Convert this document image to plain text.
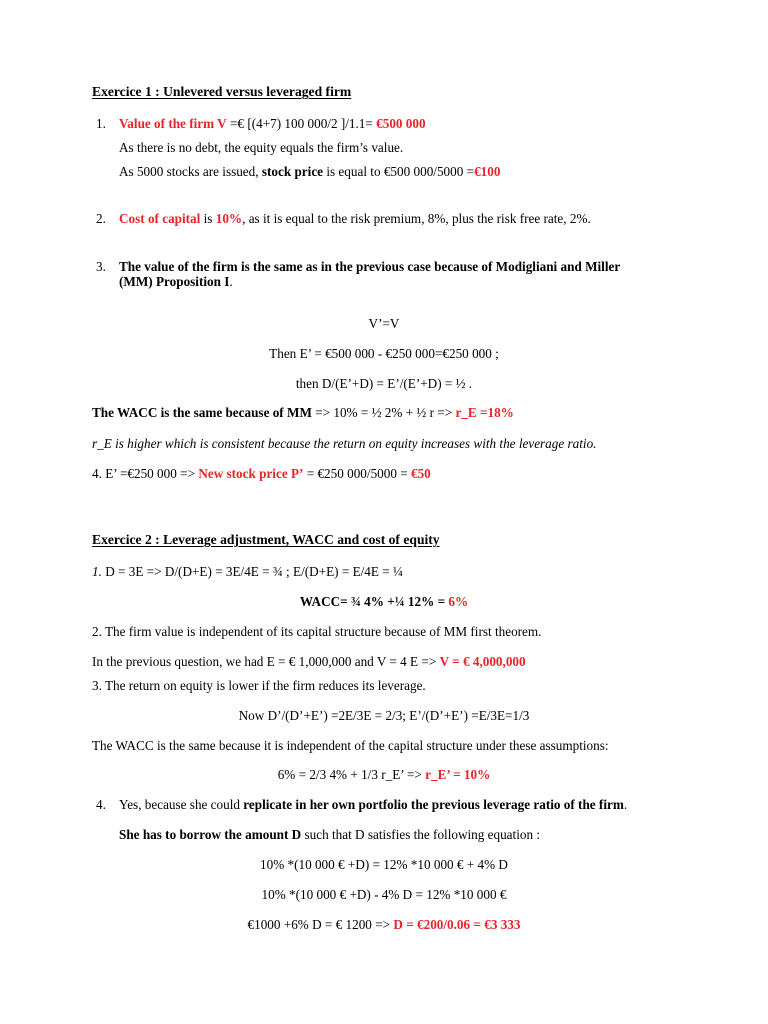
Exercice 1 : Unlevered versus leveraged firm
1. Value of the firm V =€ [(4+7) 100 000/2 ]/1.1= €500 000
As there is no debt, the equity equals the firm’s value.
As 5000 stocks are issued, stock price is equal to €500 000/5000 =€100
2. Cost of capital is 10%, as it is equal to the risk premium, 8%, plus the risk free rate, 2%.
3. The value of the firm is the same as in the previous case because of Modigliani and Miller
(MM) Proposition I.
V’=V
Then E’ = €500 000 - €250 000=€250 000 ;
then D/(E’+D) = E’/(E’+D) = ½ .
The WACC is the same because of MM => 10% = ½ 2% + ½ r => r_E =18%
r_E is higher which is consistent because the return on equity increases with the leverage ratio.
4. E’ =€250 000 => New stock price P’ = €250 000/5000 = €50
Exercice 2 : Leverage adjustment, WACC and cost of equity
1. D = 3E => D/(D+E) = 3E/4E = ¾ ; E/(D+E) = E/4E = ¼
WACC= ¾ 4% +¼ 12% = 6%
2. The firm value is independent of its capital structure because of MM first theorem.
In the previous question, we had E = € 1,000,000 and V = 4 E => V = € 4,000,000
3. The return on equity is lower if the firm reduces its leverage.
Now D’/(D’+E’) =2E/3E = 2/3; E’/(D’+E’) =E/3E=1/3
The WACC is the same because it is independent of the capital structure under these assumptions:
6% = 2/3 4% + 1/3 r_E’ => r_E’ = 10%
4. Yes, because she could replicate in her own portfolio the previous leverage ratio of the firm.
She has to borrow the amount D such that D satisfies the following equation :
10% *(10 000 € +D) = 12% *10 000 € + 4% D
10% *(10 000 € +D) - 4% D = 12% *10 000 €
€1000 +6% D = € 1200 => D = €200/0.06 = €3 333
